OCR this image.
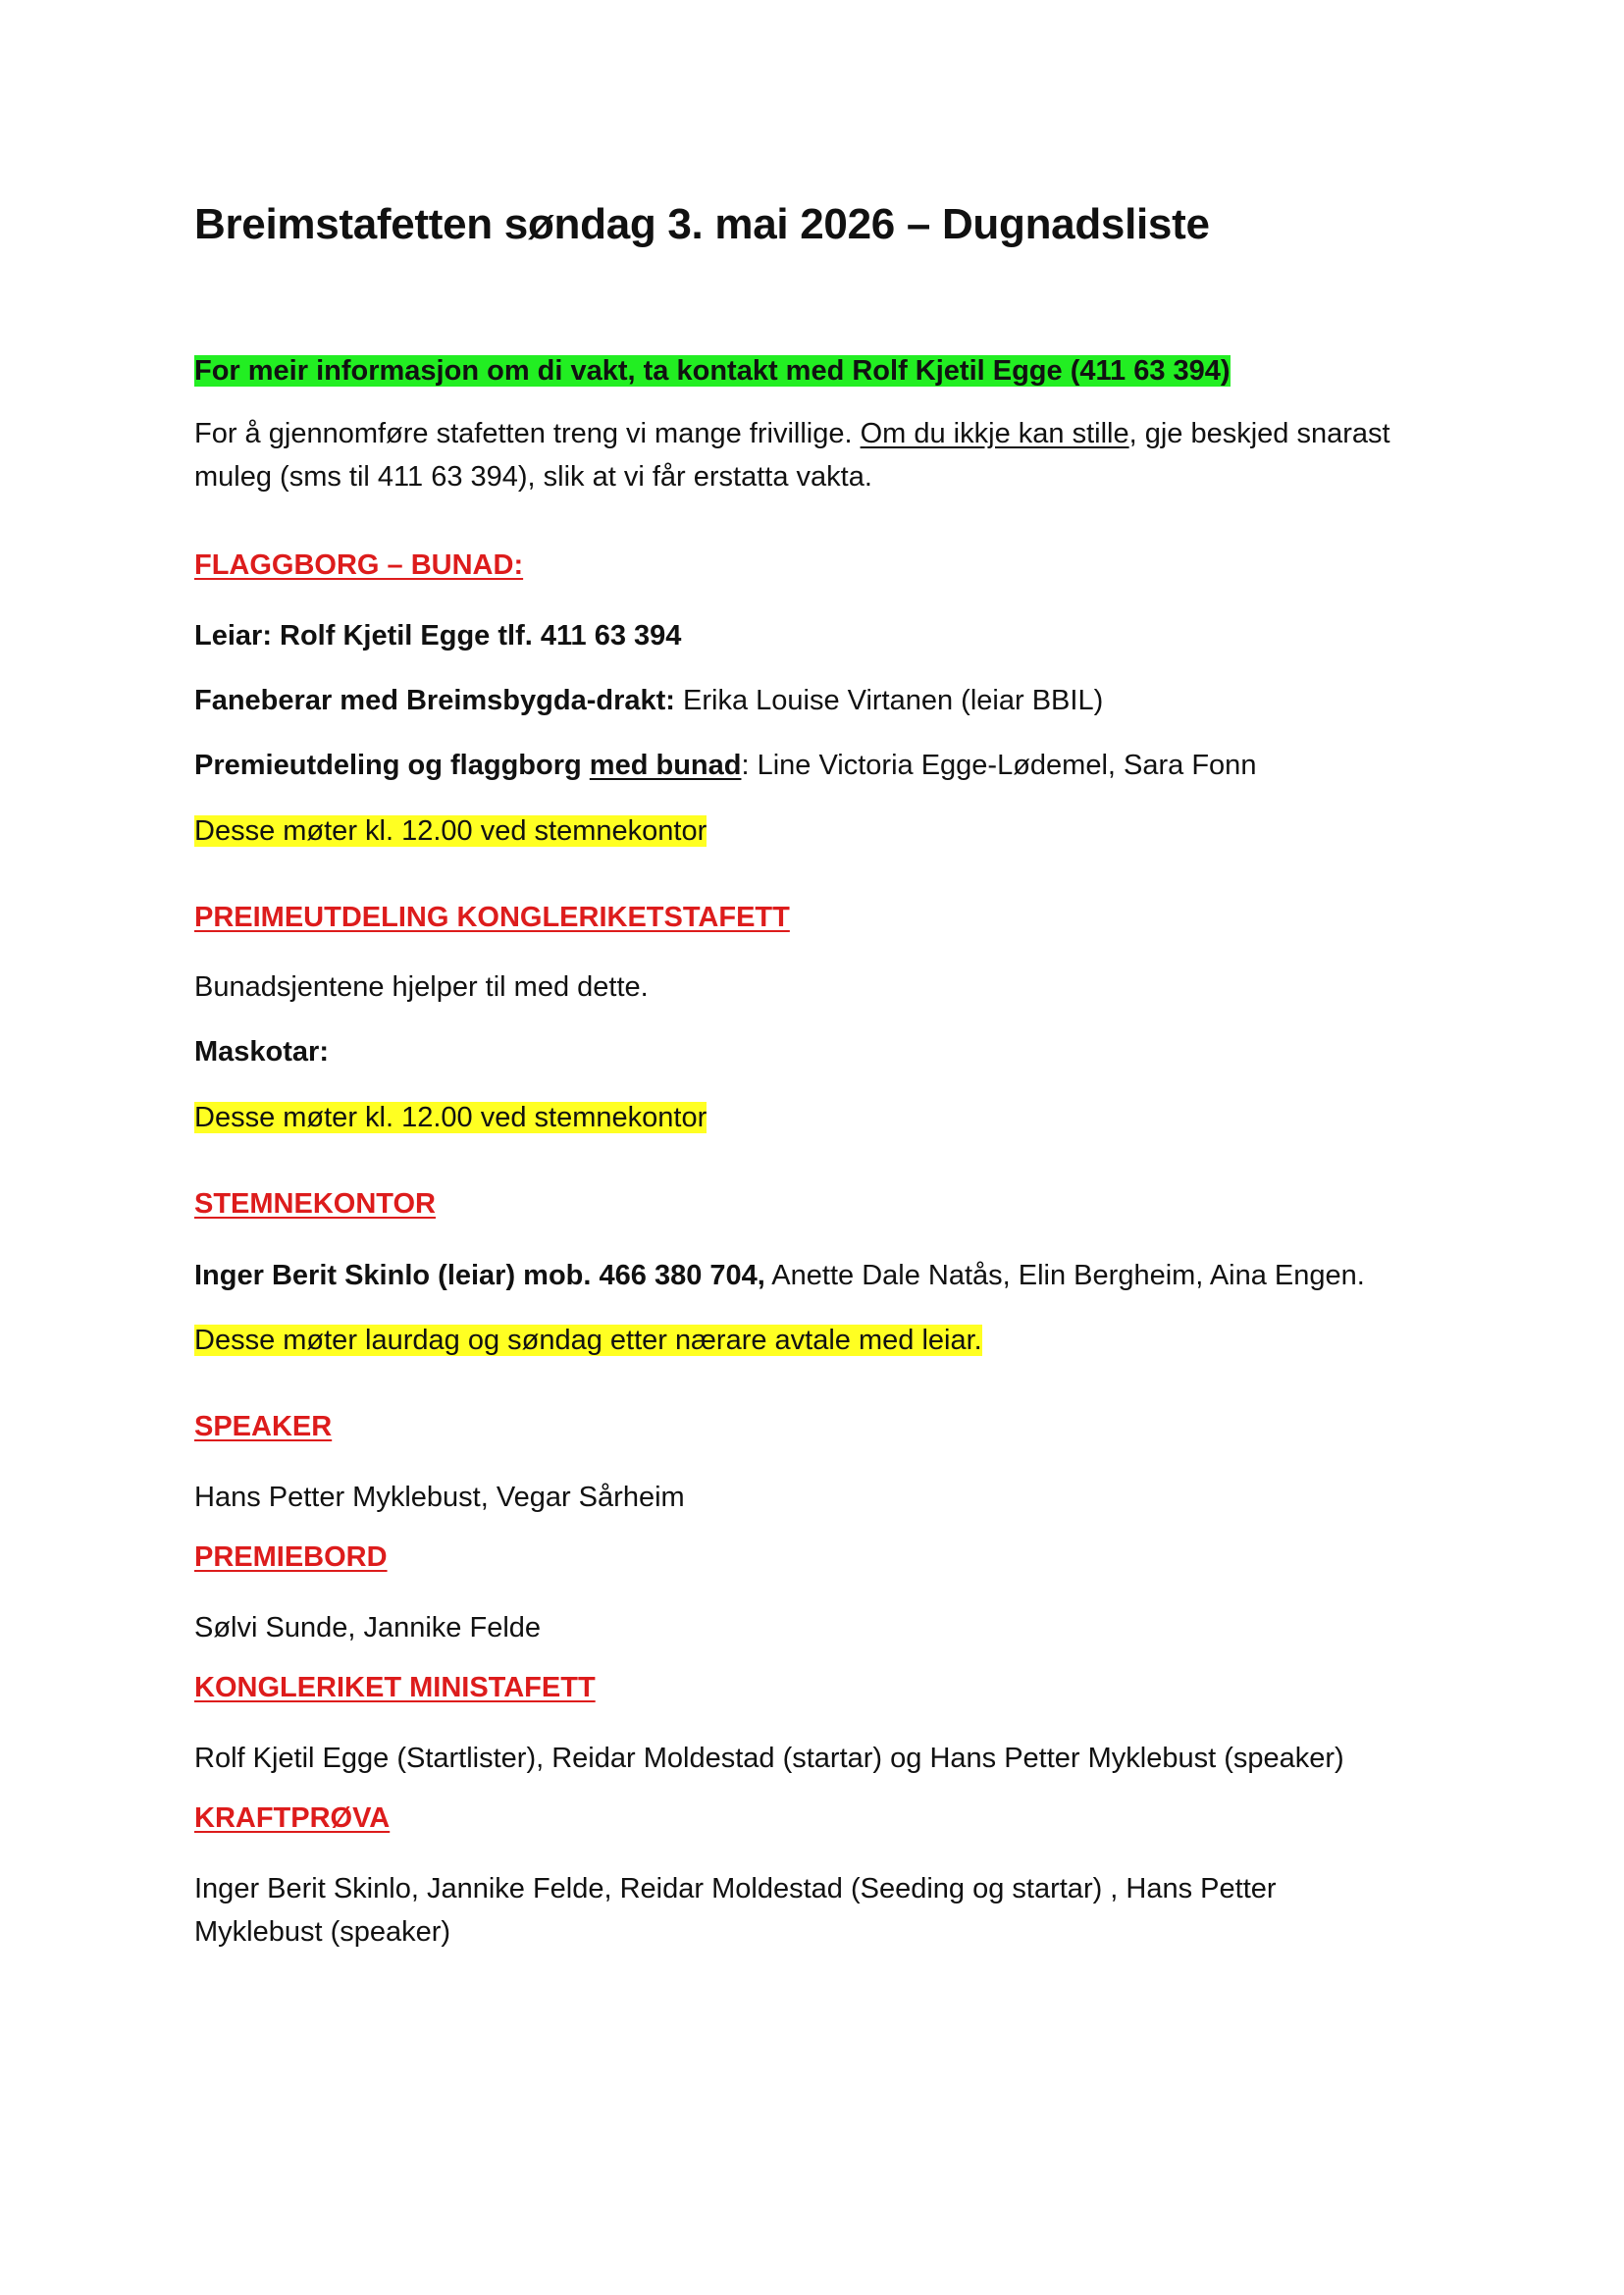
Breimstafetten søndag 3. mai 2026 – Dugnadsliste

For meir informasjon om di vakt, ta kontakt med Rolf Kjetil Egge (411 63 394)

For å gjennomføre stafetten treng vi mange frivillige. Om du ikkje kan stille, gje beskjed snarast muleg (sms til 411 63 394), slik at vi får erstatta vakta.

FLAGGBORG – BUNAD:

Leiar: Rolf Kjetil Egge tlf. 411 63 394

Faneberar med Breimsbygda-drakt: Erika Louise Virtanen (leiar BBIL)

Premieutdeling og flaggborg med bunad: Line Victoria Egge-Lødemel, Sara Fonn

Desse møter kl. 12.00 ved stemnekontor

PREIMEUTDELING KONGLERIKETSTAFETT

Bunadsjentene hjelper til med dette.

Maskotar:

Desse møter kl. 12.00 ved stemnekontor

STEMNEKONTOR

Inger Berit Skinlo (leiar) mob. 466 380 704, Anette Dale Natås, Elin Bergheim, Aina Engen.

Desse møter laurdag og søndag etter nærare avtale med leiar.

SPEAKER

Hans Petter Myklebust, Vegar Sårheim

PREMIEBORD

Sølvi Sunde, Jannike Felde

KONGLERIKET MINISTAFETT

Rolf Kjetil Egge (Startlister), Reidar Moldestad (startar) og Hans Petter Myklebust (speaker)

KRAFTPRØVA

Inger Berit Skinlo, Jannike Felde, Reidar Moldestad (Seeding og startar) , Hans Petter Myklebust (speaker)
